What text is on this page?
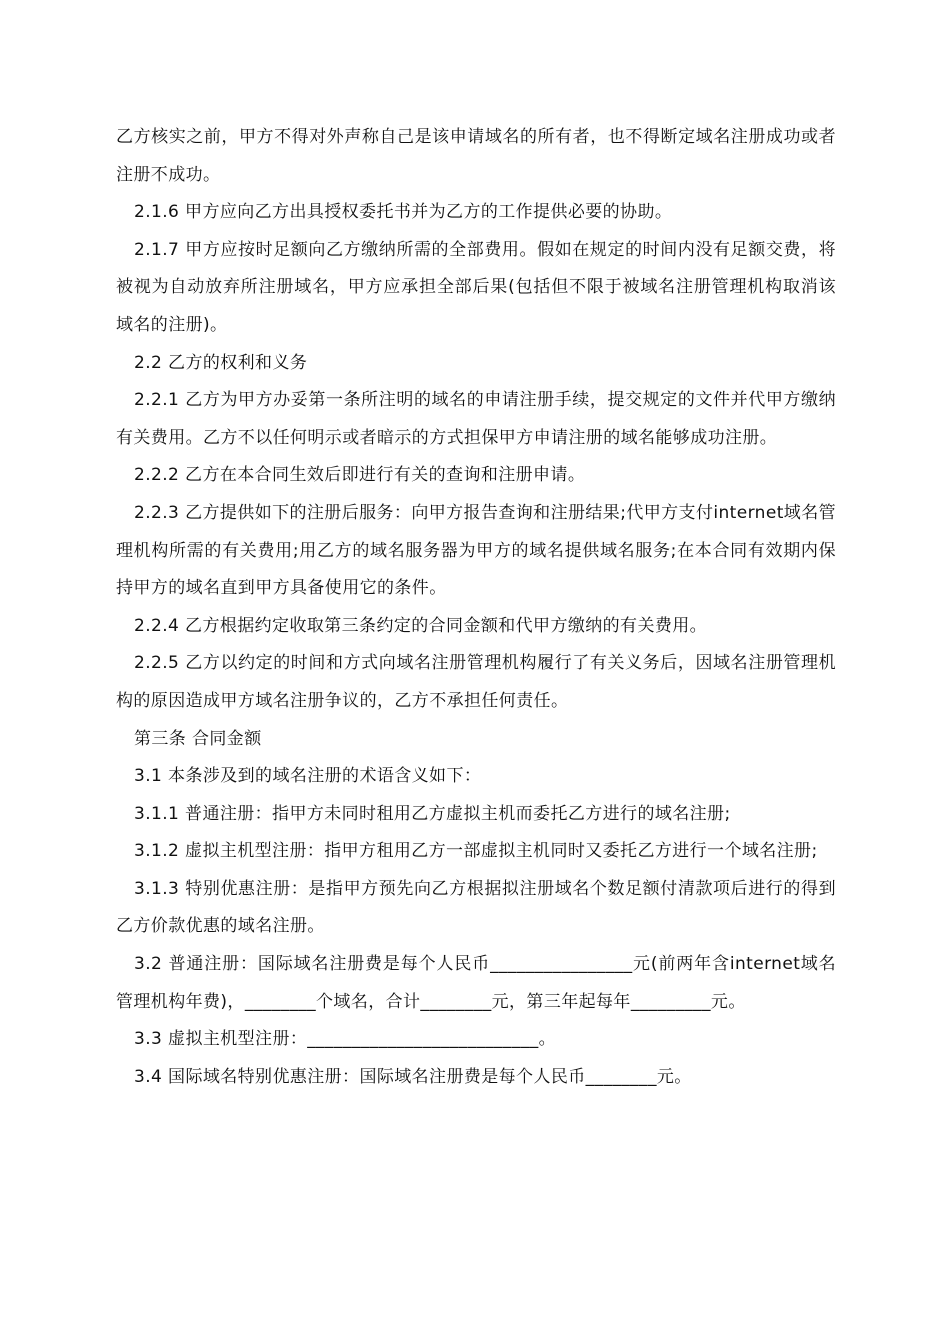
乙方核实之前，甲方不得对外声称自己是该申请域名的所有者，也不得断定域名注册成功或者注册不成功。

2.1.6 甲方应向乙方出具授权委托书并为乙方的工作提供必要的协助。

2.1.7 甲方应按时足额向乙方缴纳所需的全部费用。假如在规定的时间内没有足额交费，将被视为自动放弃所注册域名，甲方应承担全部后果(包括但不限于被域名注册管理机构取消该域名的注册)。

2.2 乙方的权利和义务

2.2.1 乙方为甲方办妥第一条所注明的域名的申请注册手续，提交规定的文件并代甲方缴纳有关费用。乙方不以任何明示或者暗示的方式担保甲方申请注册的域名能够成功注册。

2.2.2 乙方在本合同生效后即进行有关的查询和注册申请。

2.2.3 乙方提供如下的注册后服务：向甲方报告查询和注册结果;代甲方支付internet域名管理机构所需的有关费用;用乙方的域名服务器为甲方的域名提供域名服务;在本合同有效期内保持甲方的域名直到甲方具备使用它的条件。

2.2.4 乙方根据约定收取第三条约定的合同金额和代甲方缴纳的有关费用。

2.2.5 乙方以约定的时间和方式向域名注册管理机构履行了有关义务后，因域名注册管理机构的原因造成甲方域名注册争议的，乙方不承担任何责任。

第三条 合同金额

3.1 本条涉及到的域名注册的术语含义如下：

3.1.1 普通注册：指甲方未同时租用乙方虚拟主机而委托乙方进行的域名注册;

3.1.2 虚拟主机型注册：指甲方租用乙方一部虚拟主机同时又委托乙方进行一个域名注册;

3.1.3 特别优惠注册：是指甲方预先向乙方根据拟注册域名个数足额付清款项后进行的得到乙方价款优惠的域名注册。

3.2 普通注册：国际域名注册费是每个人民币________________元(前两年含internet域名管理机构年费)，________个域名，合计________元，第三年起每年_________元。

3.3 虚拟主机型注册：__________________________。

3.4 国际域名特别优惠注册：国际域名注册费是每个人民币________元。
